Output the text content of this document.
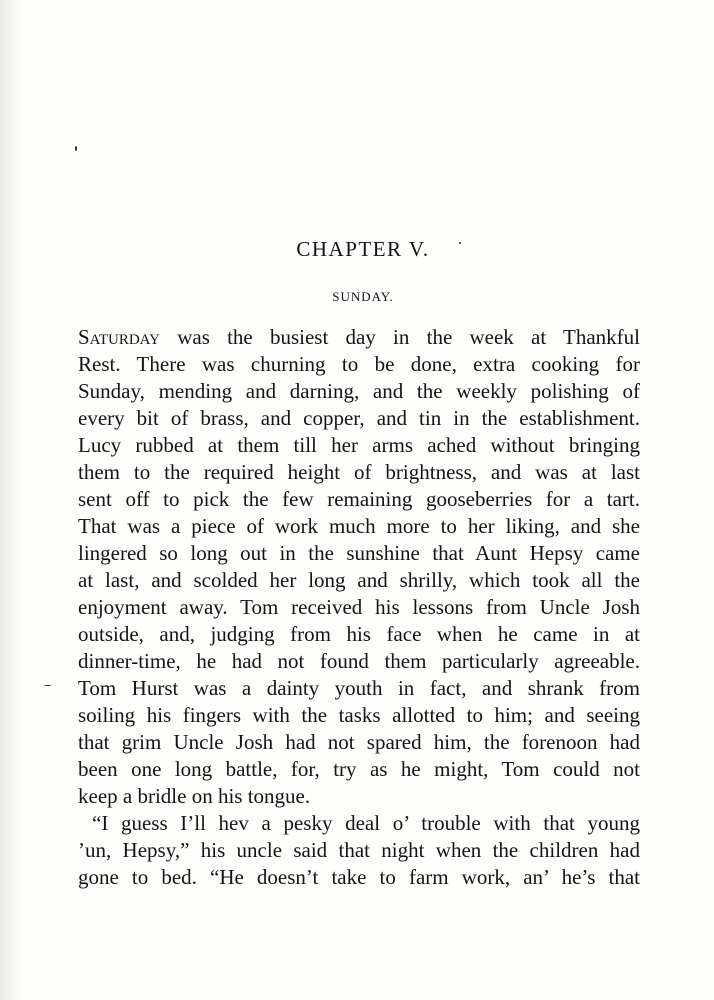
CHAPTER V.
SUNDAY.
Saturday was the busiest day in the week at Thankful
Rest. There was churning to be done, extra cooking for
Sunday, mending and darning, and the weekly polishing of
every bit of brass, and copper, and tin in the establishment.
Lucy rubbed at them till her arms ached without bringing
them to the required height of brightness, and was at last
sent off to pick the few remaining gooseberries for a tart.
That was a piece of work much more to her liking, and she
lingered so long out in the sunshine that Aunt Hepsy came
at last, and scolded her long and shrilly, which took all the
enjoyment away. Tom received his lessons from Uncle Josh
outside, and, judging from his face when he came in at
dinner-time, he had not found them particularly agreeable.
Tom Hurst was a dainty youth in fact, and shrank from
soiling his fingers with the tasks allotted to him; and seeing
that grim Uncle Josh had not spared him, the forenoon had
been one long battle, for, try as he might, Tom could not
keep a bridle on his tongue.
“I guess I’ll hev a pesky deal o’ trouble with that young
’un, Hepsy,” his uncle said that night when the children had
gone to bed. “He doesn’t take to farm work, an’ he’s that
